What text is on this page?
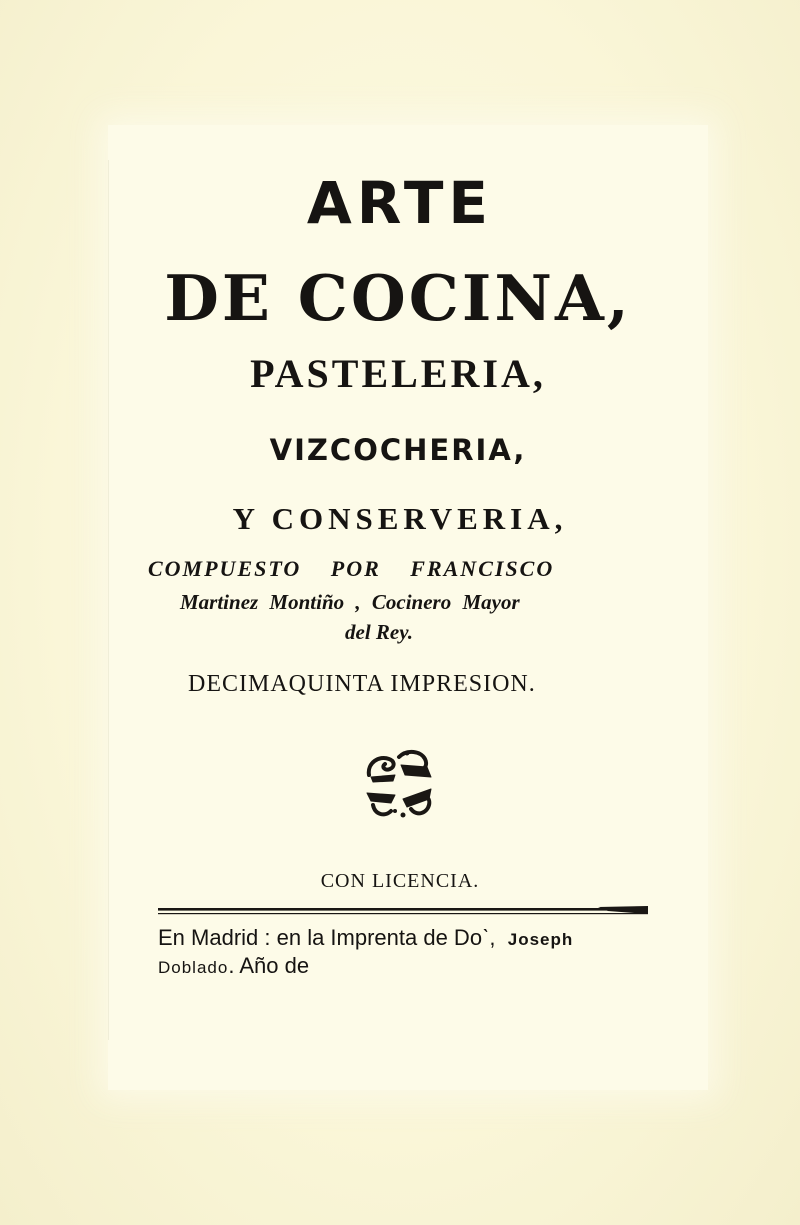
ARTE
DE COCINA,
PASTELERIA,
VIZCOCHERIA,
Y CONSERVERIA,

COMPUESTO POR FRANCISCO

Martinez Montiño , Cocinero Mayor

del Rey.

DECIMAQUINTA IMPRESION.

CON LICENCIA.

En Madrid : en la Imprenta de Doˋ,  Joseph

Doblado. Año de
